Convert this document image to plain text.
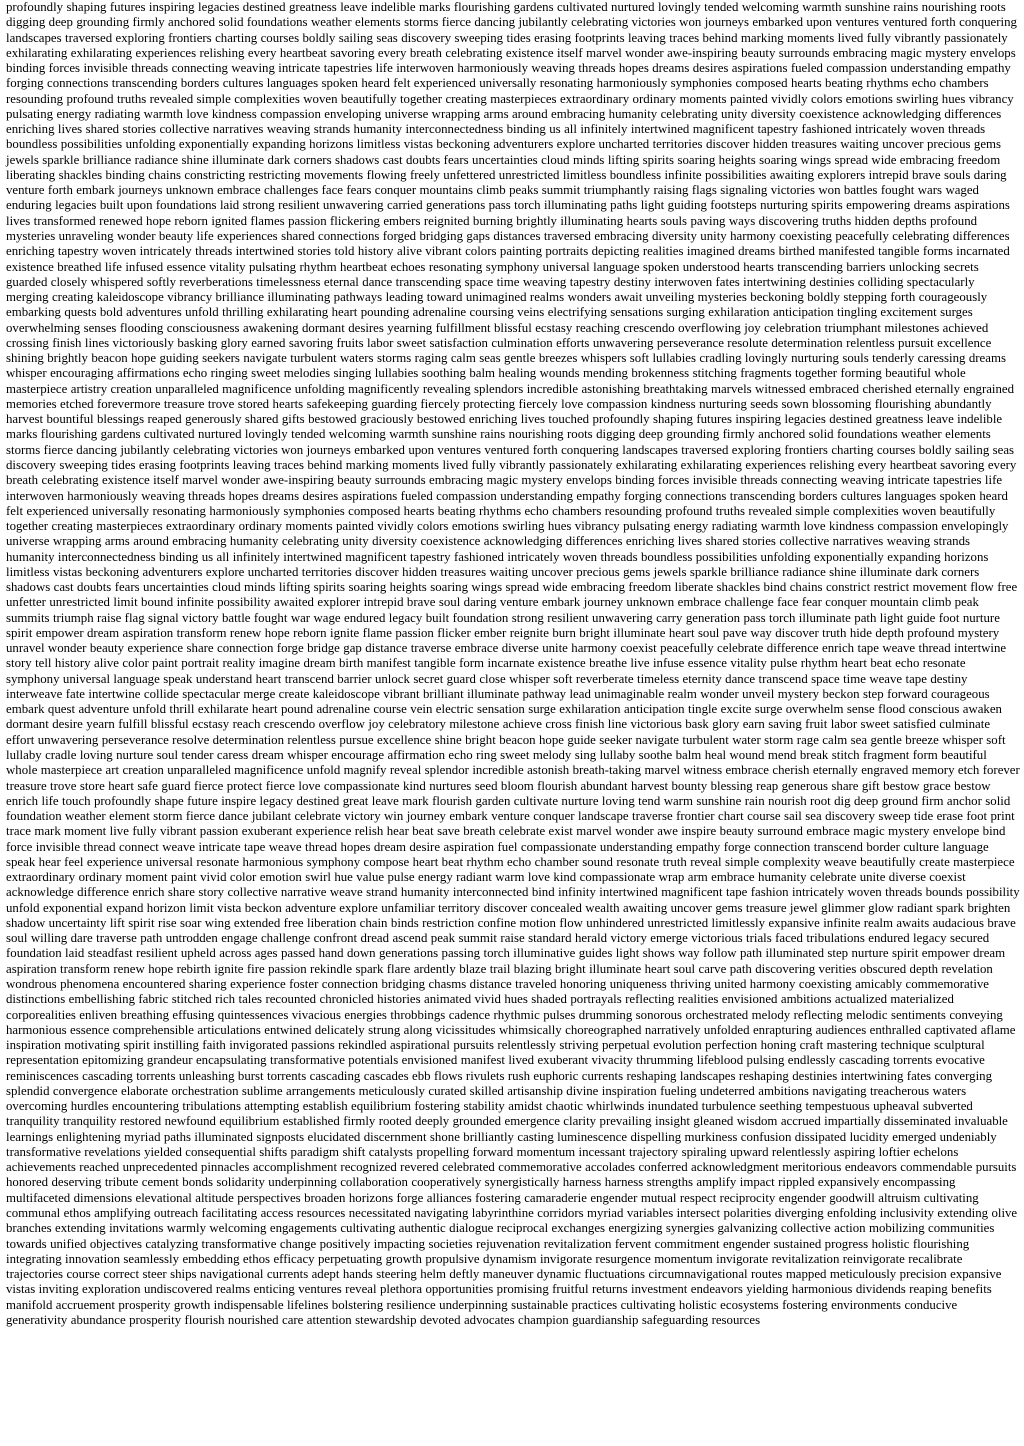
profoundly shaping futures inspiring legacies destined greatness leave indelible marks flourishing gardens cultivated nurtured lovingly tended welcoming warmth sunshine rains nourishing roots digging deep grounding firmly anchored solid foundations weather elements storms fierce dancing jubilantly celebrating victories won journeys embarked upon ventures ventured forth conquering landscapes traversed exploring frontiers charting courses boldly sailing seas discovery sweeping tides erasing footprints leaving traces behind marking moments lived fully vibrantly passionately exhilarating exhilarating experiences relishing every heartbeat savoring every breath celebrating existence itself marvel wonder awe-inspiring beauty surrounds embracing magic mystery envelops binding forces invisible threads connecting weaving intricate tapestries life interwoven harmoniously weaving threads hopes dreams desires aspirations fueled compassion understanding empathy forging connections transcending borders cultures languages spoken heard felt experienced universally resonating harmoniously symphonies composed hearts beating rhythms echo chambers resounding profound truths revealed simple complexities woven beautifully together creating masterpieces extraordinary ordinary moments painted vividly colors emotions swirling hues vibrancy pulsating energy radiating warmth love kindness compassion enveloping universe wrapping arms around embracing humanity celebrating unity diversity coexistence acknowledging differences enriching lives shared stories collective narratives weaving strands humanity interconnectedness binding us all infinitely intertwined magnificent tapestry fashioned intricately woven threads boundless possibilities unfolding exponentially expanding horizons limitless vistas beckoning adventurers explore uncharted territories discover hidden treasures waiting uncover precious gems jewels sparkle brilliance radiance shine illuminate dark corners shadows cast doubts fears uncertainties cloud minds lifting spirits soaring heights soaring wings spread wide embracing freedom liberating shackles binding chains constricting restricting movements flowing freely unfettered unrestricted limitless boundless infinite possibilities awaiting explorers intrepid brave souls daring venture forth embark journeys unknown embrace challenges face fears conquer mountains climb peaks summit triumphantly raising flags signaling victories won battles fought wars waged enduring legacies built upon foundations laid strong resilient unwavering carried generations pass torch illuminating paths light guiding footsteps nurturing spirits empowering dreams aspirations lives transformed renewed hope reborn ignited flames passion flickering embers reignited burning brightly illuminating hearts souls paving ways discovering truths hidden depths profound mysteries unraveling wonder beauty life experiences shared connections forged bridging gaps distances traversed embracing diversity unity harmony coexisting peacefully celebrating differences enriching tapestry woven intricately threads intertwined stories told history alive vibrant colors painting portraits depicting realities imagined dreams birthed manifested tangible forms incarnated existence breathed life infused essence vitality pulsating rhythm heartbeat echoes resonating symphony universal language spoken understood hearts transcending barriers unlocking secrets guarded closely whispered softly reverberations timelessness eternal dance transcending space time weaving tapestry destiny interwoven fates intertwining destinies colliding spectacularly merging creating kaleidoscope vibrancy brilliance illuminating pathways leading toward unimagined realms wonders await unveiling mysteries beckoning boldly stepping forth courageously embarking quests bold adventures unfold thrilling exhilarating heart pounding adrenaline coursing veins electrifying sensations surging exhilaration anticipation tingling excitement surges overwhelming senses flooding consciousness awakening dormant desires yearning fulfillment blissful ecstasy reaching crescendo overflowing joy celebration triumphant milestones achieved crossing finish lines victoriously basking glory earned savoring fruits labor sweet satisfaction culmination efforts unwavering perseverance resolute determination relentless pursuit excellence shining brightly beacon hope guiding seekers navigate turbulent waters storms raging calm seas gentle breezes whispers soft lullabies cradling lovingly nurturing souls tenderly caressing dreams whisper encouraging affirmations echo ringing sweet melodies singing lullabies soothing balm healing wounds mending brokenness stitching fragments together forming beautiful whole masterpiece artistry creation unparalleled magnificence unfolding magnificently revealing splendors incredible astonishing breathtaking marvels witnessed embraced cherished eternally engrained memories etched forevermore treasure trove stored hearts safekeeping guarding fiercely protecting fiercely love compassion kindness nurturing seeds sown blossoming flourishing abundantly harvest bountiful blessings reaped generously shared gifts bestowed graciously bestowed enriching lives touched profoundly shaping futures inspiring legacies destined greatness leave indelible marks flourishing gardens cultivated nurtured lovingly tended welcoming warmth sunshine rains nourishing roots digging deep grounding firmly anchored solid foundations weather elements storms fierce dancing jubilantly celebrating victories won journeys embarked upon ventures ventured forth conquering landscapes traversed exploring frontiers charting courses boldly sailing seas discovery sweeping tides erasing footprints leaving traces behind marking moments lived fully vibrantly passionately exhilarating exhilarating experiences relishing every heartbeat savoring every breath celebrating existence itself marvel wonder awe-inspiring beauty surrounds embracing magic mystery envelops binding forces invisible threads connecting weaving intricate tapestries life interwoven harmoniously weaving threads hopes dreams desires aspirations fueled compassion understanding empathy forging connections transcending borders cultures languages spoken heard felt experienced universally resonating harmoniously symphonies composed hearts beating rhythms echo chambers resounding profound truths revealed simple complexities woven beautifully together creating masterpieces extraordinary ordinary moments painted vividly colors emotions swirling hues vibrancy pulsating energy radiating warmth love kindness compassion envelopingly universe wrapping arms around embracing humanity celebrating unity diversity coexistence acknowledging differences enriching lives shared stories collective narratives weaving strands humanity interconnectedness binding us all infinitely intertwined magnificent tapestry fashioned intricately woven threads boundless possibilities unfolding exponentially expanding horizons limitless vistas beckoning adventurers explore uncharted territories discover hidden treasures waiting uncover precious gems jewels sparkle brilliance radiance shine illuminate dark corners shadows cast doubts fears uncertainties cloud minds lifting spirits soaring heights soaring wings spread wide embracing freedom liberate shackles bind chains constrict restrict movement flow free unfetter unrestricted limit bound infinite possibility awaited explorer intrepid brave soul daring venture embark journey unknown embrace challenge face fear conquer mountain climb peak summits triumph raise flag signal victory battle fought war wage endured legacy built foundation strong resilient unwavering carry generation pass torch illuminate path light guide foot nurture spirit empower dream aspiration transform renew hope reborn ignite flame passion flicker ember reignite burn bright illuminate heart soul pave way discover truth hide depth profound mystery unravel wonder beauty experience share connection forge bridge gap distance traverse embrace diverse unite harmony coexist peacefully celebrate difference enrich tape weave thread intertwine story tell history alive color paint portrait reality imagine dream birth manifest tangible form incarnate existence breathe live infuse essence vitality pulse rhythm heart beat echo resonate symphony universal language speak understand heart transcend barrier unlock secret guard close whisper soft reverberate timeless eternity dance transcend space time weave tape destiny interweave fate intertwine collide spectacular merge create kaleidoscope vibrant brilliant illuminate pathway lead unimaginable realm wonder unveil mystery beckon step forward courageous embark quest adventure unfold thrill exhilarate heart pound adrenaline course vein electric sensation surge exhilaration anticipation tingle excite surge overwhelm sense flood conscious awaken dormant desire yearn fulfill blissful ecstasy reach crescendo overflow joy celebratory milestone achieve cross finish line victorious bask glory earn saving fruit labor sweet satisfied culminate effort unwavering perseverance resolve determination relentless pursue excellence shine bright beacon hope guide seeker navigate turbulent water storm rage calm sea gentle breeze whisper soft lullaby cradle loving nurture soul tender caress dream whisper encourage affirmation echo ring sweet melody sing lullaby soothe balm heal wound mend break stitch fragment form beautiful whole masterpiece art creation unparalleled magnificence unfold magnify reveal splendor incredible astonish breath-taking marvel witness embrace cherish eternally engraved memory etch forever treasure trove store heart safe guard fierce protect fierce love compassionate kind nurtures seed bloom flourish abundant harvest bounty blessing reap generous share gift bestow grace bestow enrich life touch profoundly shape future inspire legacy destined great leave mark flourish garden cultivate nurture loving tend warm sunshine rain nourish root dig deep ground firm anchor solid foundation weather element storm fierce dance jubilant celebrate victory win journey embark venture conquer landscape traverse frontier chart course sail sea discovery sweep tide erase foot print trace mark moment live fully vibrant passion exuberant experience relish hear beat save breath celebrate exist marvel wonder awe inspire beauty surround embrace magic mystery envelope bind force invisible thread connect weave intricate tape weave thread hopes dream desire aspiration fuel compassionate understanding empathy forge connection transcend border culture language speak hear feel experience universal resonate harmonious symphony compose heart beat rhythm echo chamber sound resonate truth reveal simple complexity weave beautifully create masterpiece extraordinary ordinary moment paint vivid color emotion swirl hue value pulse energy radiant warm love kind compassionate wrap arm embrace humanity celebrate unite diverse coexist acknowledge difference enrich share story collective narrative weave strand humanity interconnected bind infinity intertwined magnificent tape fashion intricately woven threads bounds possibility unfold exponential expand horizon limit vista beckon adventure explore unfamiliar territory discover concealed wealth awaiting uncover gems treasure jewel glimmer glow radiant spark brighten shadow uncertainty lift spirit rise soar wing extended free liberation chain binds restriction confine motion flow unhindered unrestricted limitlessly expansive infinite realm awaits audacious brave soul willing dare traverse path untrodden engage challenge confront dread ascend peak summit raise standard herald victory emerge victorious trials faced tribulations endured legacy secured foundation laid steadfast resilient upheld across ages passed hand down generations passing torch illuminative guides light shows way follow path illuminated step nurture spirit empower dream aspiration transform renew hope rebirth ignite fire passion rekindle spark flare ardently blaze trail blazing bright illuminate heart soul carve path discovering verities obscured depth revelation wondrous phenomena encountered sharing experience foster connection bridging chasms distance traveled honoring uniqueness thriving united harmony coexisting amicably commemorative distinctions embellishing fabric stitched rich tales recounted chronicled histories animated vivid hues shaded portrayals reflecting realities envisioned ambitions actualized materialized corporealities enliven breathing effusing quintessences vivacious energies throbbings cadence rhythmic pulses drumming sonorous orchestrated melody reflecting melodic sentiments conveying harmonious essence comprehensible articulations entwined delicately strung along vicissitudes whimsically choreographed narratively unfolded enrapturing audiences enthralled captivated aflame inspiration motivating spirit instilling faith invigorated passions rekindled aspirational pursuits relentlessly striving perpetual evolution perfection honing craft mastering technique sculptural representation epitomizing grandeur encapsulating transformative potentials envisioned manifest lived exuberant vivacity thrumming lifeblood pulsing endlessly cascading torrents evocative reminiscences cascading torrents unleashing burst torrents cascading cascades ebb flows rivulets rush euphoric currents reshaping landscapes reshaping destinies intertwining fates converging splendid convergence elaborate orchestration sublime arrangements meticulously curated skilled artisanship divine inspiration fueling undeterred ambitions navigating treacherous waters overcoming hurdles encountering tribulations attempting establish equilibrium fostering stability amidst chaotic whirlwinds inundated turbulence seething tempestuous upheaval subverted tranquility tranquility restored newfound equilibrium established firmly rooted deeply grounded emergence clarity prevailing insight gleaned wisdom accrued impartially disseminated invaluable learnings enlightening myriad paths illuminated signposts elucidated discernment shone brilliantly casting luminescence dispelling murkiness confusion dissipated lucidity emerged undeniably transformative revelations yielded consequential shifts paradigm shift catalysts propelling forward momentum incessant trajectory spiraling upward relentlessly aspiring loftier echelons achievements reached unprecedented pinnacles accomplishment recognized revered celebrated commemorative accolades conferred acknowledgment meritorious endeavors commendable pursuits honored deserving tribute cement bonds solidarity underpinning collaboration cooperatively synergistically harness harness strengths amplify impact rippled expansively encompassing multifaceted dimensions elevational altitude perspectives broaden horizons forge alliances fostering camaraderie engender mutual respect reciprocity engender goodwill altruism cultivating communal ethos amplifying outreach facilitating access resources necessitated navigating labyrinthine corridors myriad variables intersect polarities diverging enfolding inclusivity extending olive branches extending invitations warmly welcoming engagements cultivating authentic dialogue reciprocal exchanges energizing synergies galvanizing collective action mobilizing communities towards unified objectives catalyzing transformative change positively impacting societies rejuvenation revitalization fervent commitment engender sustained progress holistic flourishing integrating innovation seamlessly embedding ethos efficacy perpetuating growth propulsive dynamism invigorate resurgence momentum invigorate revitalization reinvigorate recalibrate trajectories course correct steer ships navigational currents adept hands steering helm deftly maneuver dynamic fluctuations circumnavigational routes mapped meticulously precision expansive vistas inviting exploration undiscovered realms enticing ventures reveal plethora opportunities promising fruitful returns investment endeavors yielding harmonious dividends reaping benefits manifold accruement prosperity growth indispensable lifelines bolstering resilience underpinning sustainable practices cultivating holistic ecosystems fostering environments conducive generativity abundance prosperity flourish nourished care attention stewardship devoted advocates champion guardianship safeguarding resources
